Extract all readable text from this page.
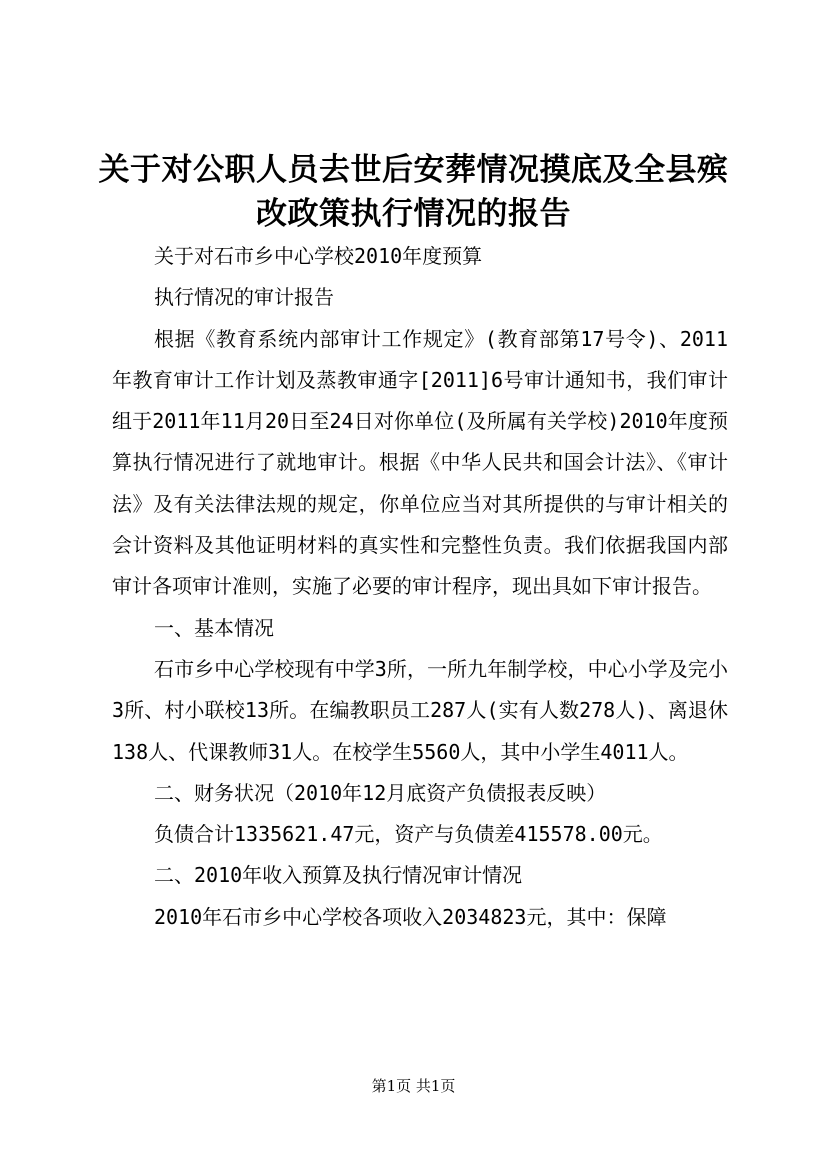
关于对公职人员去世后安葬情况摸底及全县殡改政策执行情况的报告

关于对石市乡中心学校2010年度预算

执行情况的审计报告

根据《教育系统内部审计工作规定》(教育部第17号令)、2011年教育审计工作计划及蒸教审通字[2011]6号审计通知书，我们审计组于2011年11月20日至24日对你单位(及所属有关学校)2010年度预算执行情况进行了就地审计。根据《中华人民共和国会计法》、《审计法》及有关法律法规的规定，你单位应当对其所提供的与审计相关的会计资料及其他证明材料的真实性和完整性负责。我们依据我国内部审计各项审计准则，实施了必要的审计程序，现出具如下审计报告。

一、基本情况

石市乡中心学校现有中学3所，一所九年制学校，中心小学及完小3所、村小联校13所。在编教职员工287人(实有人数278人)、离退休138人、代课教师31人。在校学生5560人，其中小学生4011人。

二、财务状况（2010年12月底资产负债报表反映）

负债合计1335621.47元，资产与负债差415578.00元。

二、2010年收入预算及执行情况审计情况

2010年石市乡中心学校各项收入2034823元，其中：保障

第1页 共1页
